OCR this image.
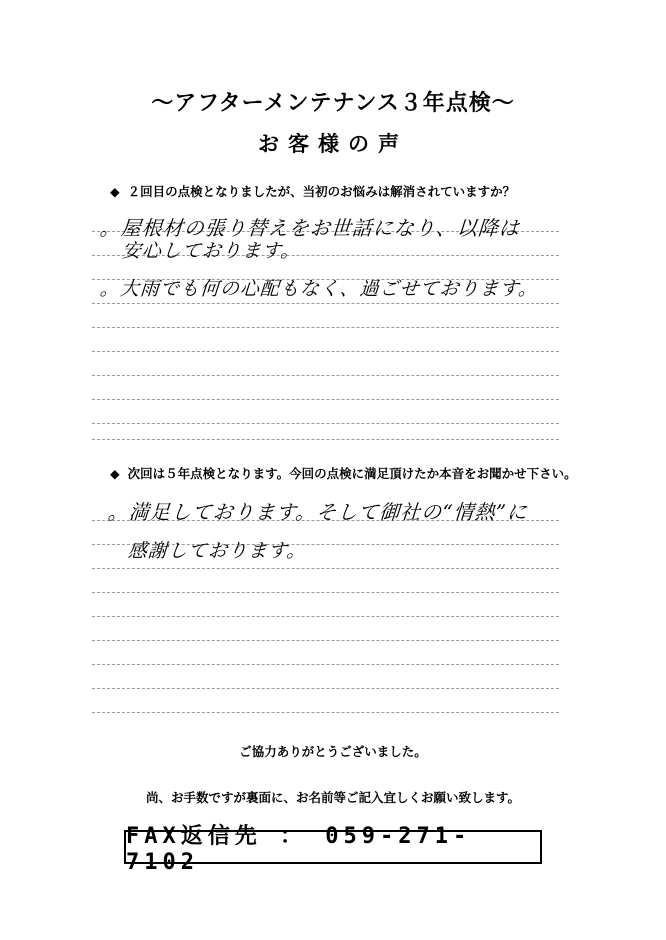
～アフターメンテナンス３年点検～
お客様の声
◆ ２回目の点検となりましたが、当初のお悩みは解消されていますか？
。屋根材の張り替えをお世話になり、以降は
安心しております。
。大雨でも何の心配もなく、過ごせております。
◆ 次回は５年点検となります。今回の点検に満足頂けたか本音をお聞かせ下さい。
。満足しております。そして御社の“情熱”に
感謝しております。
ご協力ありがとうございました。
尚、お手数ですが裏面に、お名前等ご記入宜しくお願い致します。
FAX返信先 ： 059-271-7102
